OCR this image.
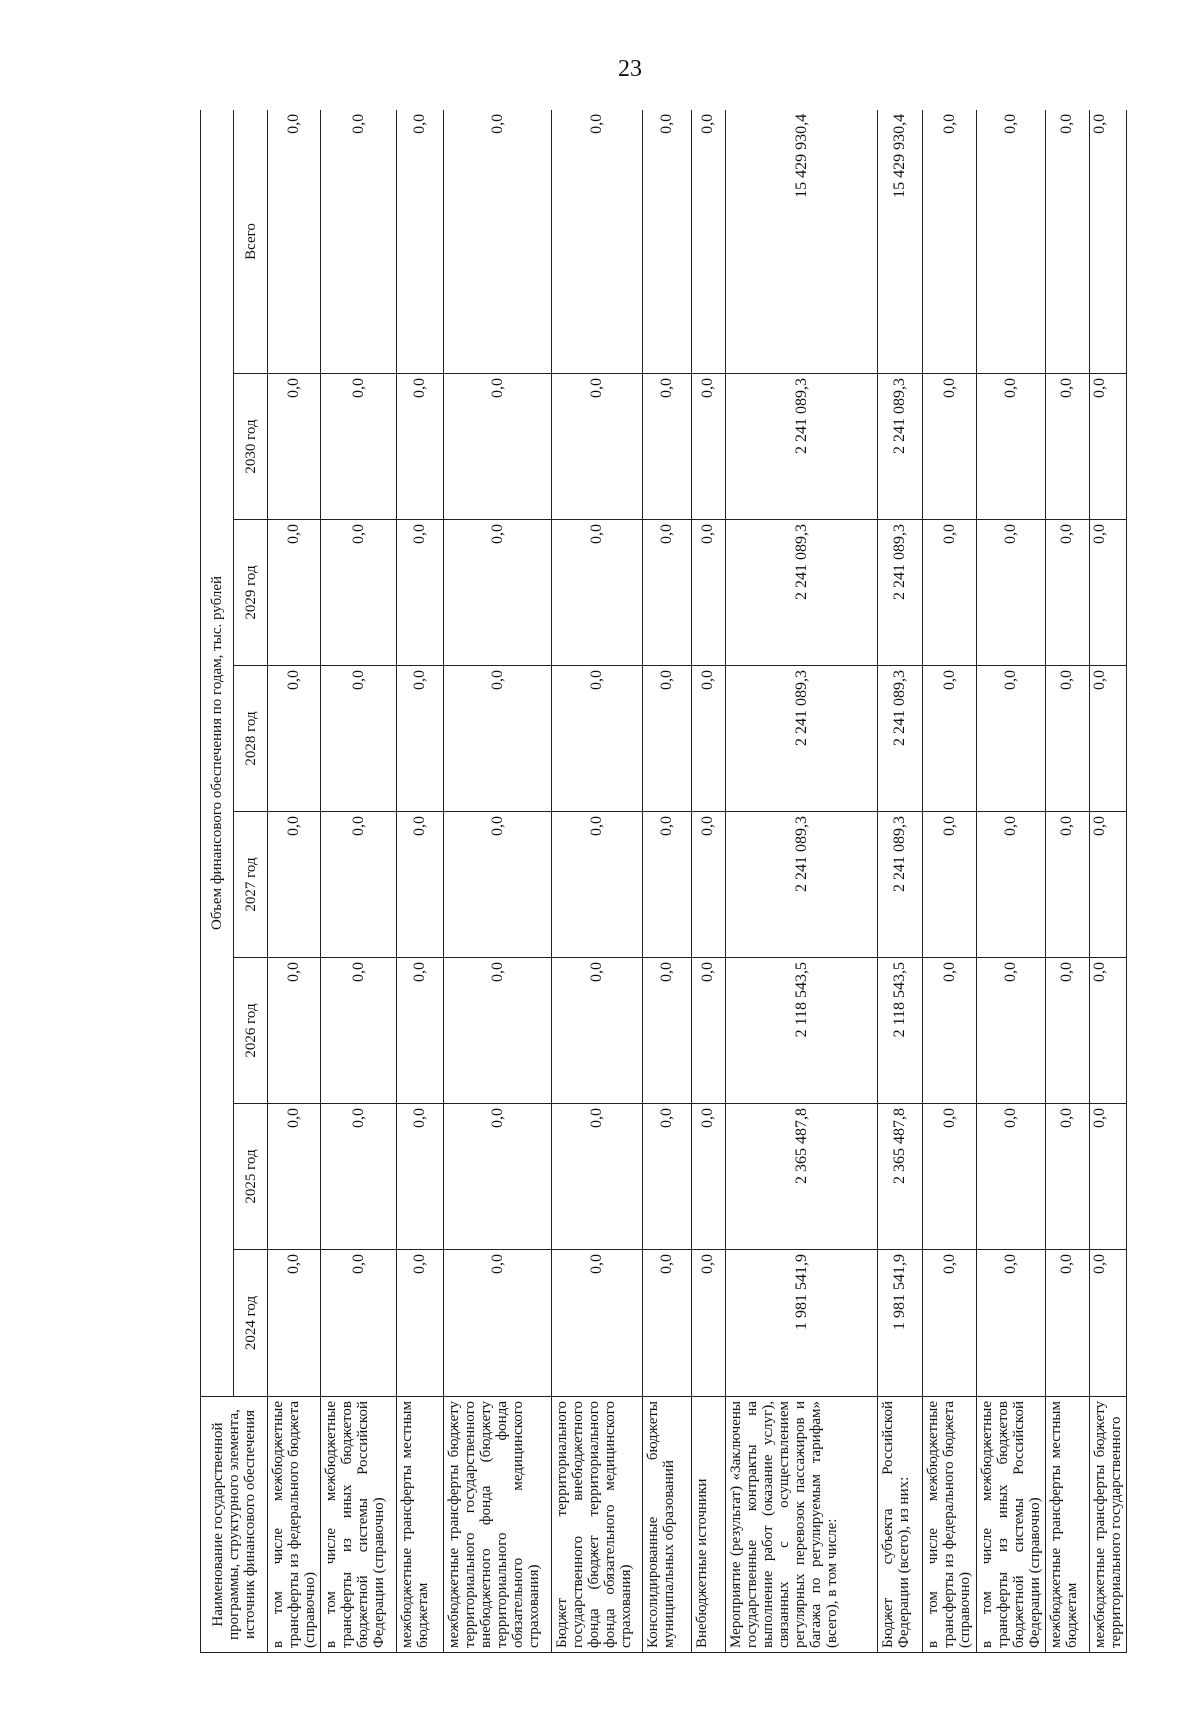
23
Наименование государственной программы, структурного элемента,
источник финансового обеспечения	Объем финансового обеспечения по годам, тыс. рублей							
	2024 год	2025 год	2026 год	2027 год	2028 год	2029 год	2030 год	Всего
в том числе межбюджетные трансферты из федерального бюджета (справочно)	0,0	0,0	0,0	0,0	0,0	0,0	0,0	0,0
в том числе межбюджетные трансферты из иных бюджетов бюджетной системы Российской Федерации (справочно)	0,0	0,0	0,0	0,0	0,0	0,0	0,0	0,0
межбюджетные трансферты местным бюджетам	0,0	0,0	0,0	0,0	0,0	0,0	0,0	0,0
межбюджетные трансферты бюджету территориального государственного внебюджетного фонда (бюджету территориального фонда обязательного медицинского страхования)	0,0	0,0	0,0	0,0	0,0	0,0	0,0	0,0
Бюджет территориального государственного внебюджетного фонда (бюджет территориального фонда обязательного медицинского страхования)	0,0	0,0	0,0	0,0	0,0	0,0	0,0	0,0
Консолидированные бюджеты муниципальных образований	0,0	0,0	0,0	0,0	0,0	0,0	0,0	0,0
Внебюджетные источники	0,0	0,0	0,0	0,0	0,0	0,0	0,0	0,0
Мероприятие (результат) «Заключены государственные контракты на выполнение работ (оказание услуг), связанных с осуществлением регулярных перевозок пассажиров и багажа по регулируемым тарифам» (всего), в том числе:	1 981 541,9	2 365 487,8	2 118 543,5	2 241 089,3	2 241 089,3	2 241 089,3	2 241 089,3	15 429 930,4
Бюджет субъекта Российской Федерации (всего), из них:	1 981 541,9	2 365 487,8	2 118 543,5	2 241 089,3	2 241 089,3	2 241 089,3	2 241 089,3	15 429 930,4
в том числе межбюджетные трансферты из федерального бюджета (справочно)	0,0	0,0	0,0	0,0	0,0	0,0	0,0	0,0
в том числе межбюджетные трансферты из иных бюджетов бюджетной системы Российской Федерации (справочно)	0,0	0,0	0,0	0,0	0,0	0,0	0,0	0,0
межбюджетные трансферты местным бюджетам	0,0	0,0	0,0	0,0	0,0	0,0	0,0	0,0
межбюджетные трансферты бюджету территориального государственного	0,0	0,0	0,0	0,0	0,0	0,0	0,0	0,0
